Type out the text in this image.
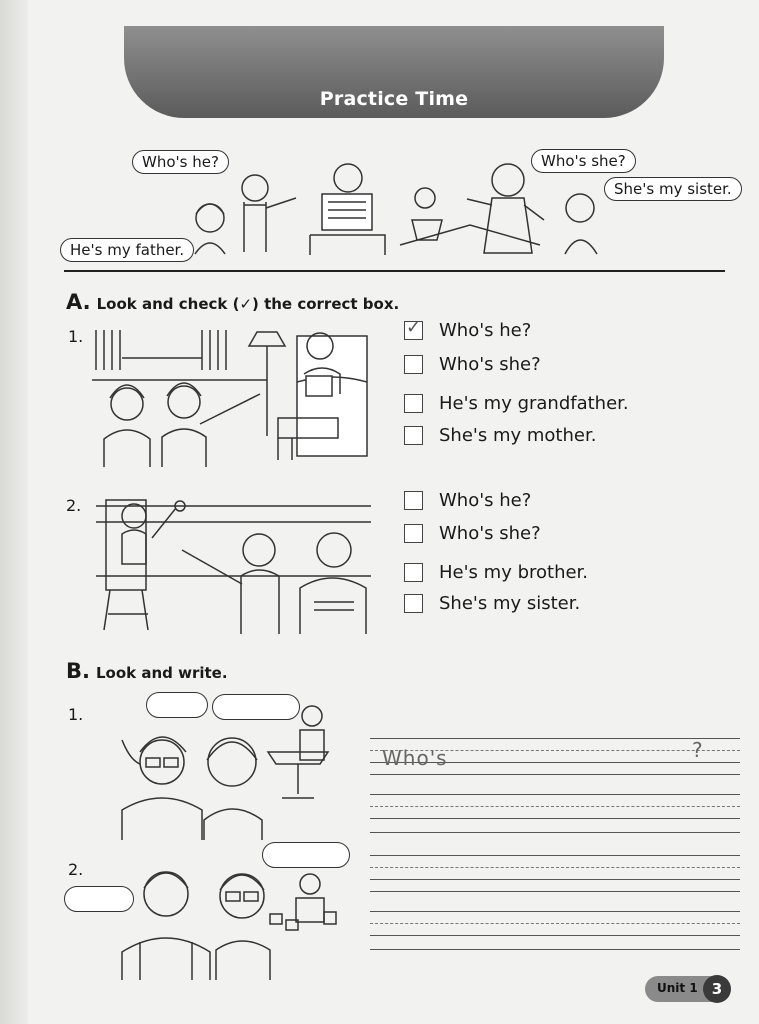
Practice Time
Who's he?
He's my father.
Who's she?
She's my sister.
A. Look and check (✓) the correct box.
1.	✓ Who's he?
Who's she?
He's my grandfather.
She's my mother.
2.	Who's he?
Who's she?
He's my brother.
She's my sister.
B. Look and write.
1.
Who's	?
2.
Unit 1 3
